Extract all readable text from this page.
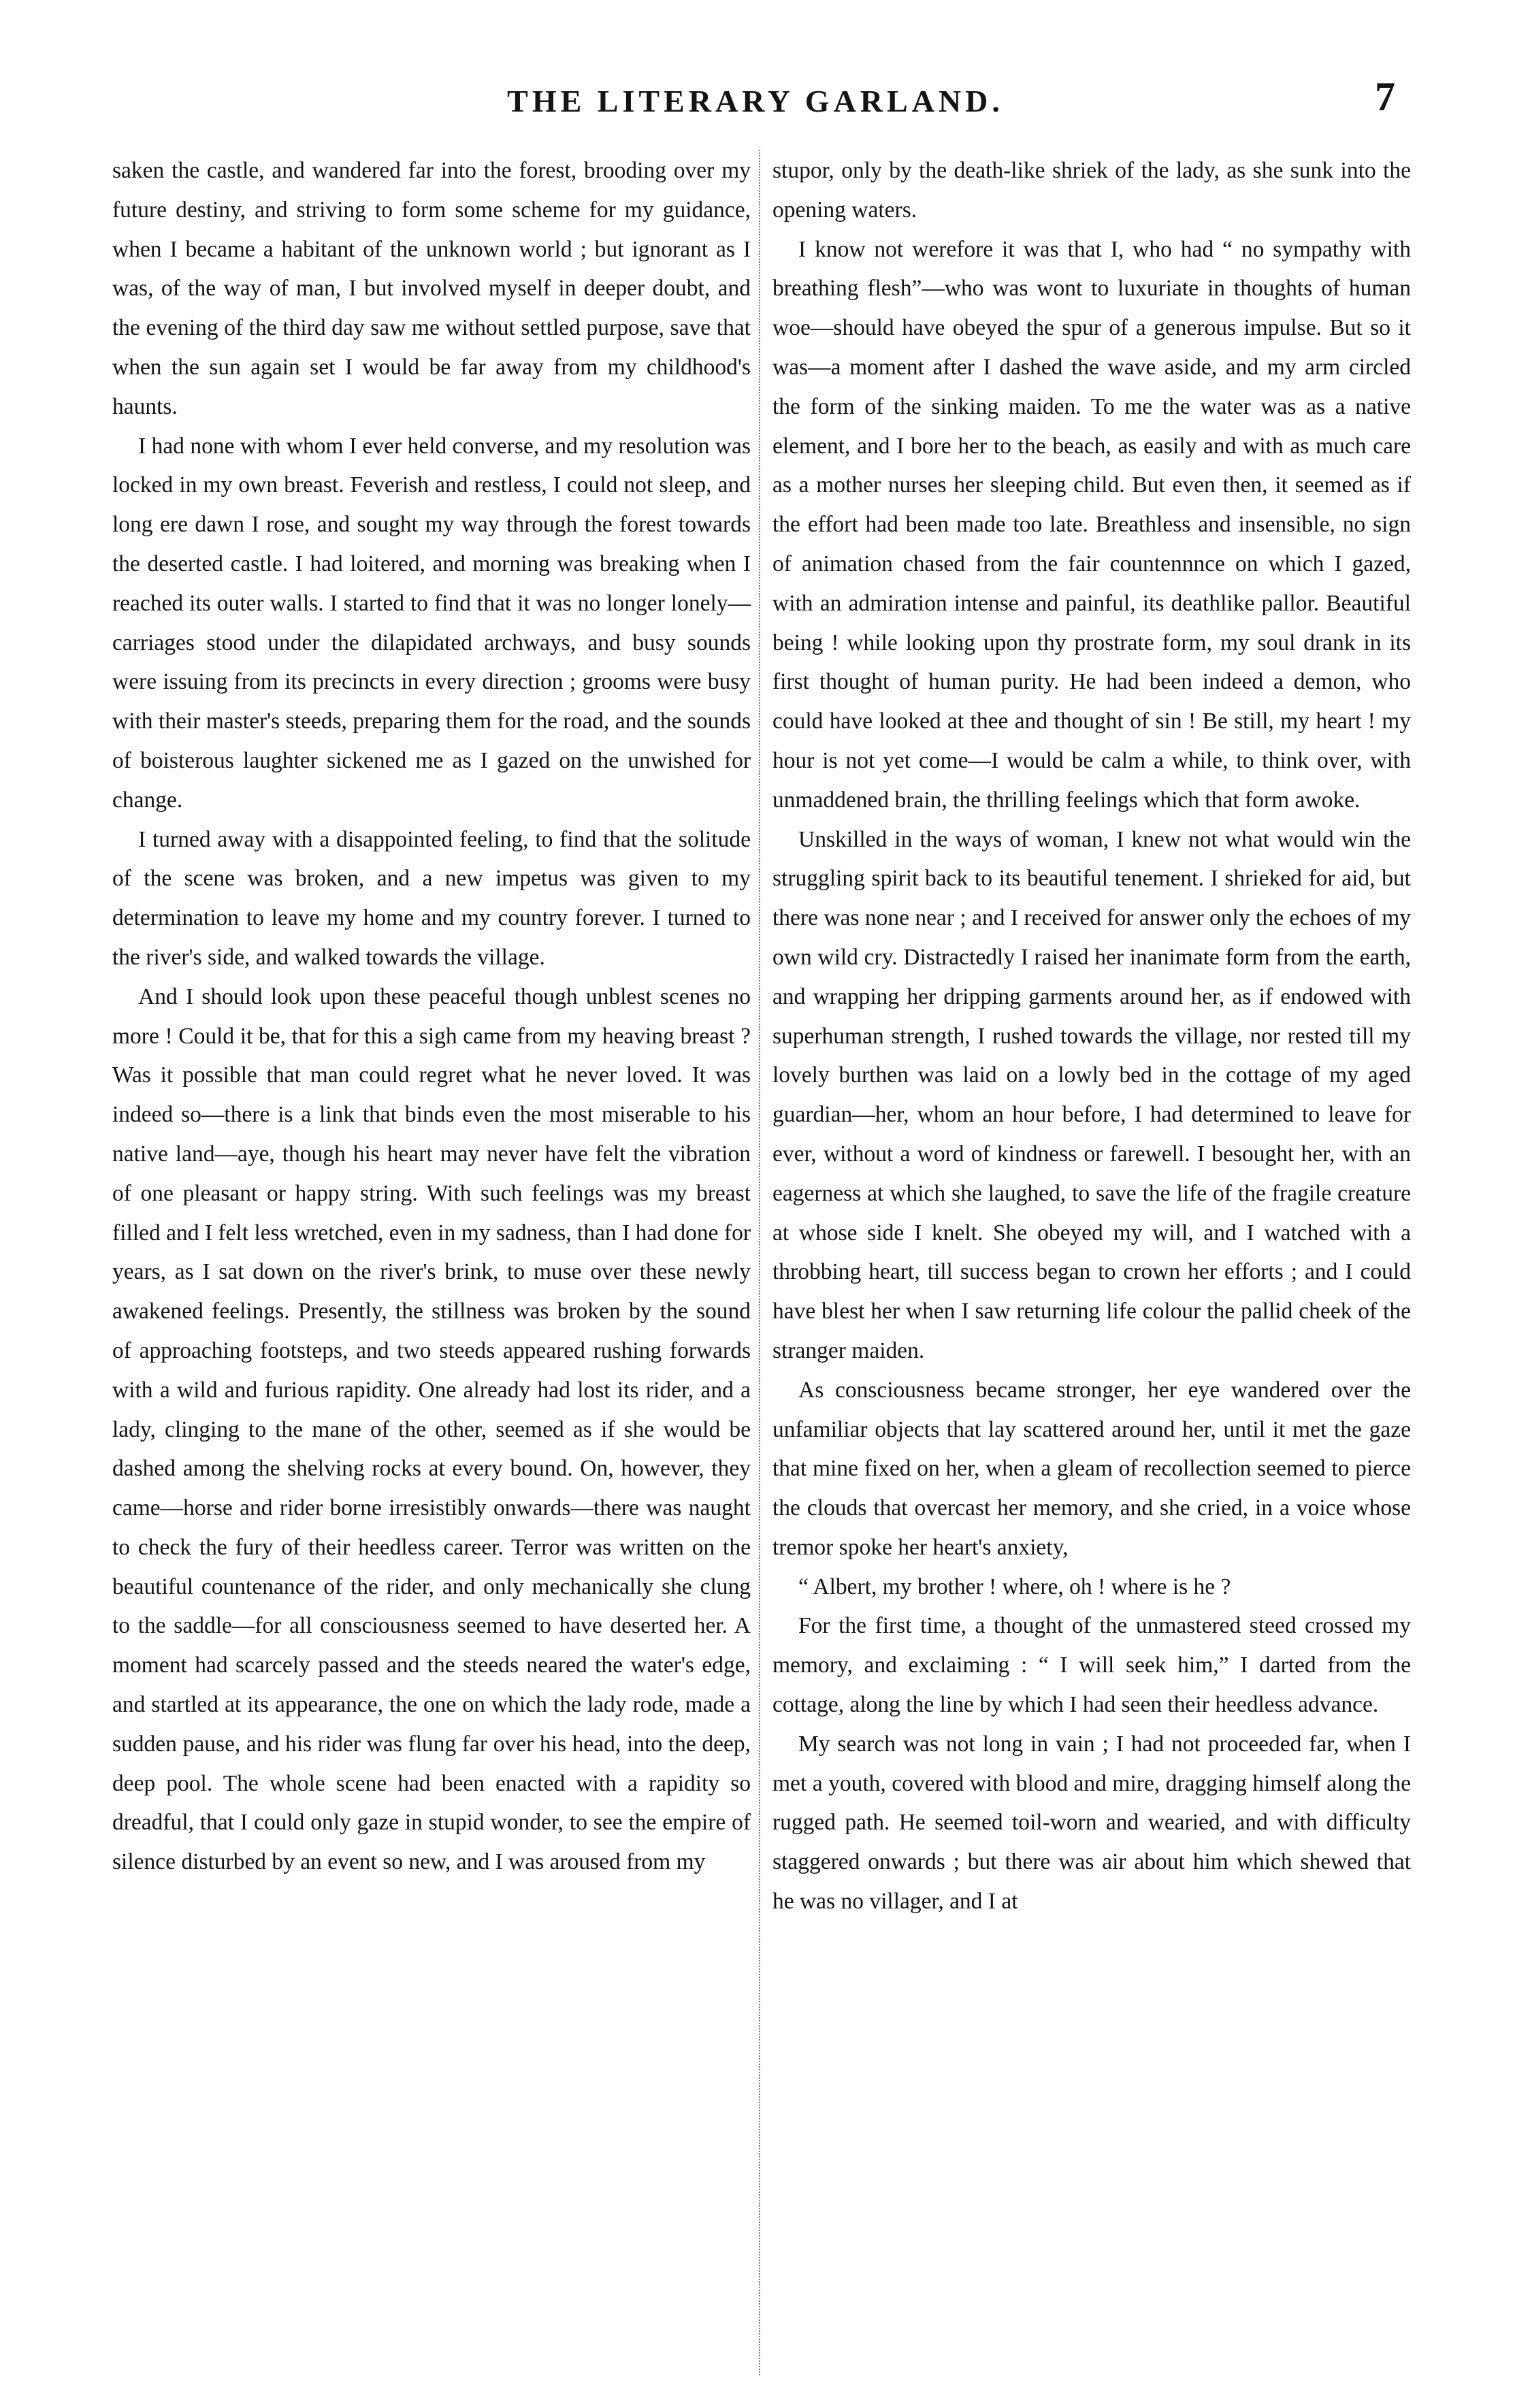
THE LITERARY GARLAND.	7

saken the castle, and wandered far into the forest, brooding over my future destiny, and striving to form some scheme for my guidance, when I became a habitant of the unknown world ; but ignorant as I was, of the way of man, I but involved myself in deeper doubt, and the evening of the third day saw me without settled purpose, save that when the sun again set I would be far away from my childhood's haunts.

I had none with whom I ever held converse, and my resolution was locked in my own breast. Feverish and restless, I could not sleep, and long ere dawn I rose, and sought my way through the forest towards the deserted castle. I had loitered, and morning was breaking when I reached its outer walls. I started to find that it was no longer lonely—carriages stood under the dilapidated archways, and busy sounds were issuing from its precincts in every direction ; grooms were busy with their master's steeds, preparing them for the road, and the sounds of boisterous laughter sickened me as I gazed on the unwished for change.

I turned away with a disappointed feeling, to find that the solitude of the scene was broken, and a new impetus was given to my determination to leave my home and my country forever. I turned to the river's side, and walked towards the village.

And I should look upon these peaceful though unblest scenes no more ! Could it be, that for this a sigh came from my heaving breast ? Was it possible that man could regret what he never loved. It was indeed so—there is a link that binds even the most miserable to his native land—aye, though his heart may never have felt the vibration of one pleasant or happy string. With such feelings was my breast filled and I felt less wretched, even in my sadness, than I had done for years, as I sat down on the river's brink, to muse over these newly awakened feelings. Presently, the stillness was broken by the sound of approaching footsteps, and two steeds appeared rushing forwards with a wild and furious rapidity. One already had lost its rider, and a lady, clinging to the mane of the other, seemed as if she would be dashed among the shelving rocks at every bound. On, however, they came—horse and rider borne irresistibly onwards—there was naught to check the fury of their heedless career. Terror was written on the beautiful countenance of the rider, and only mechanically she clung to the saddle—for all consciousness seemed to have deserted her. A moment had scarcely passed and the steeds neared the water's edge, and startled at its appearance, the one on which the lady rode, made a sudden pause, and his rider was flung far over his head, into the deep, deep pool. The whole scene had been enacted with a rapidity so dreadful, that I could only gaze in stupid wonder, to see the empire of silence disturbed by an event so new, and I was aroused from my

stupor, only by the death-like shriek of the lady, as she sunk into the opening waters.

I know not werefore it was that I, who had “ no sympathy with breathing flesh”—who was wont to luxuriate in thoughts of human woe—should have obeyed the spur of a generous impulse. But so it was—a moment after I dashed the wave aside, and my arm circled the form of the sinking maiden. To me the water was as a native element, and I bore her to the beach, as easily and with as much care as a mother nurses her sleeping child. But even then, it seemed as if the effort had been made too late. Breathless and insensible, no sign of animation chased from the fair countennnce on which I gazed, with an admiration intense and painful, its deathlike pallor. Beautiful being ! while looking upon thy prostrate form, my soul drank in its first thought of human purity. He had been indeed a demon, who could have looked at thee and thought of sin ! Be still, my heart ! my hour is not yet come—I would be calm a while, to think over, with unmaddened brain, the thrilling feelings which that form awoke.

Unskilled in the ways of woman, I knew not what would win the struggling spirit back to its beautiful tenement. I shrieked for aid, but there was none near ; and I received for answer only the echoes of my own wild cry. Distractedly I raised her inanimate form from the earth, and wrapping her dripping garments around her, as if endowed with superhuman strength, I rushed towards the village, nor rested till my lovely burthen was laid on a lowly bed in the cottage of my aged guardian—her, whom an hour before, I had determined to leave for ever, without a word of kindness or farewell. I besought her, with an eagerness at which she laughed, to save the life of the fragile creature at whose side I knelt. She obeyed my will, and I watched with a throbbing heart, till success began to crown her efforts ; and I could have blest her when I saw returning life colour the pallid cheek of the stranger maiden.

As consciousness became stronger, her eye wandered over the unfamiliar objects that lay scattered around her, until it met the gaze that mine fixed on her, when a gleam of recollection seemed to pierce the clouds that overcast her memory, and she cried, in a voice whose tremor spoke her heart's anxiety,

“ Albert, my brother ! where, oh ! where is he ?

For the first time, a thought of the unmastered steed crossed my memory, and exclaiming : “ I will seek him,” I darted from the cottage, along the line by which I had seen their heedless advance.

My search was not long in vain ; I had not proceeded far, when I met a youth, covered with blood and mire, dragging himself along the rugged path. He seemed toil-worn and wearied, and with difficulty staggered onwards ; but there was air about him which shewed that he was no villager, and I at
